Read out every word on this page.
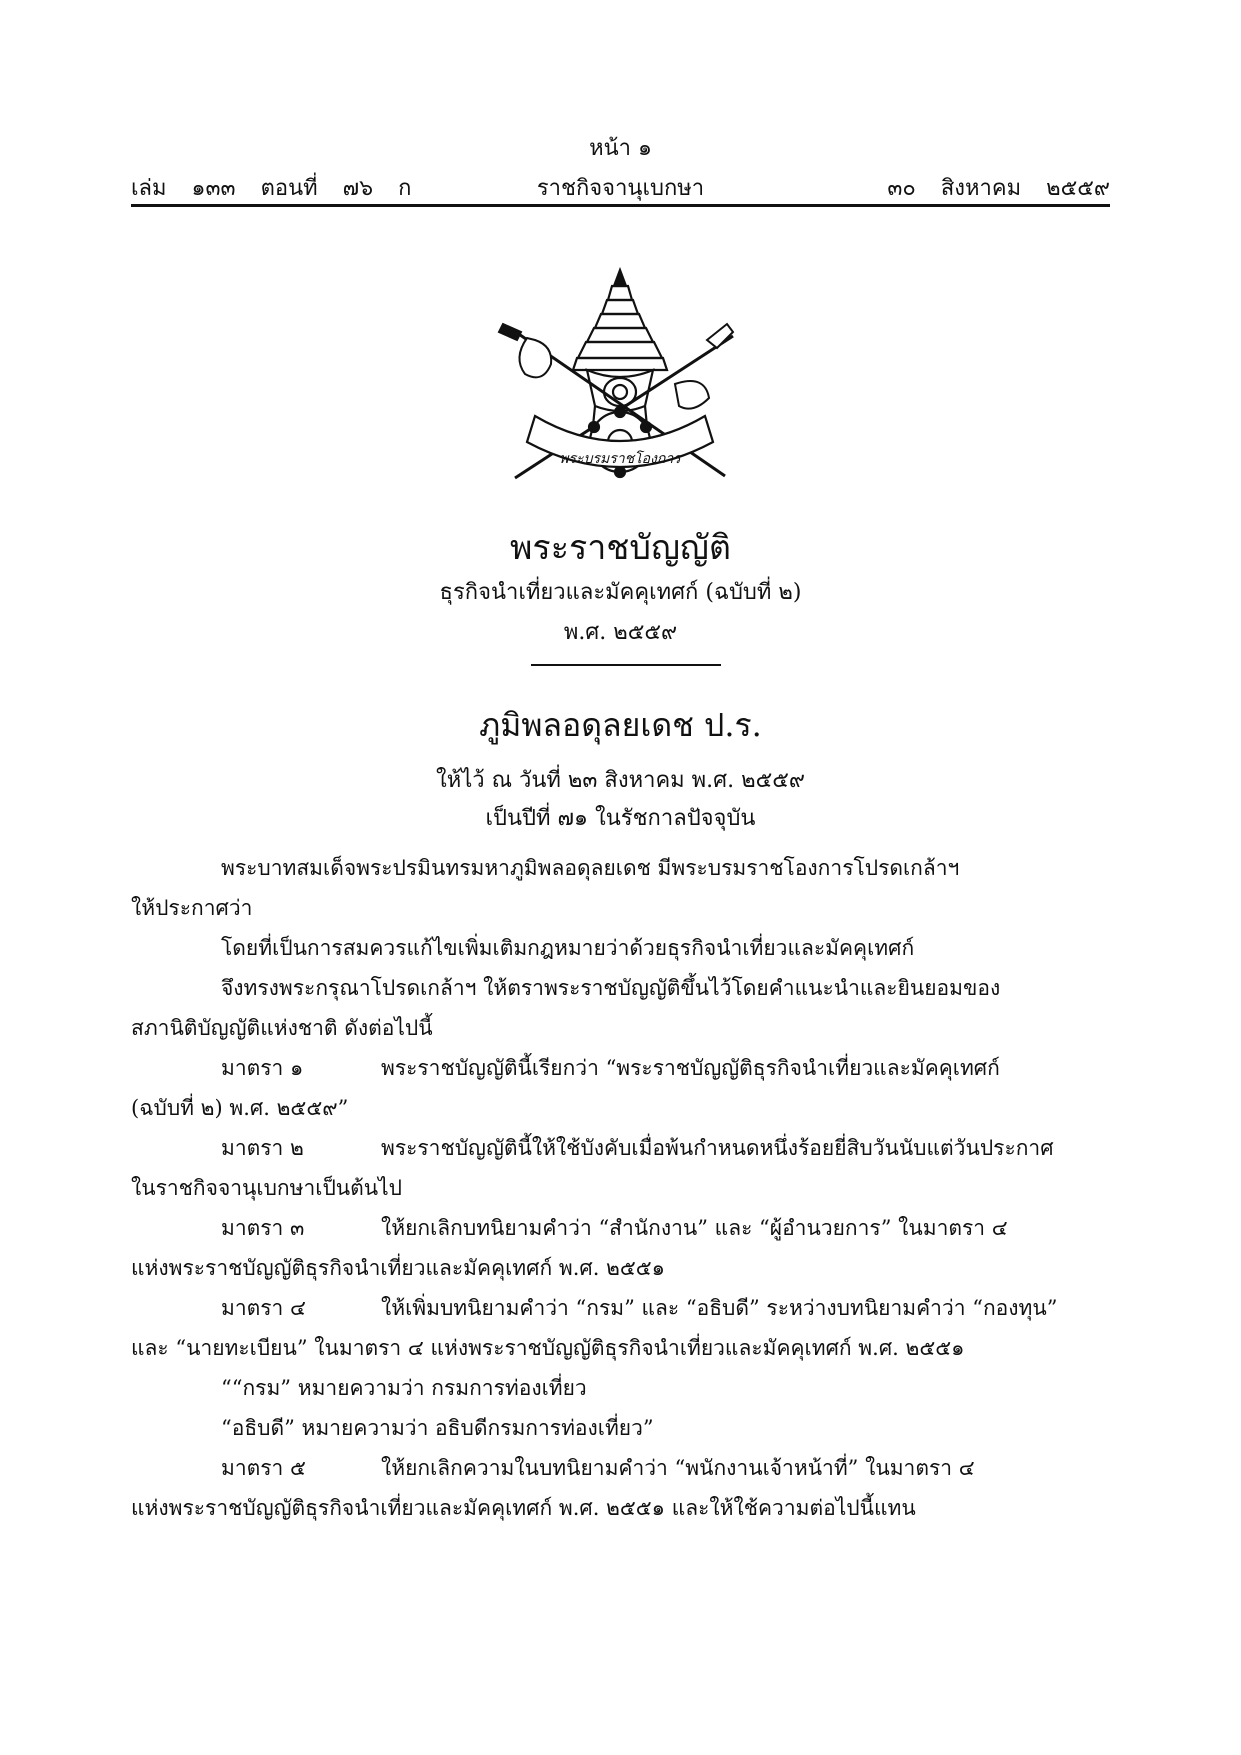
หน้า ๑
เล่ม ๑๓๓ ตอนที่ ๗๖ ก	ราชกิจจานุเบกษา	๓๐ สิงหาคม ๒๕๕๙
พระบรมราชโองการ
พระราชบัญญัติ
ธุรกิจนำเที่ยวและมัคคุเทศก์ (ฉบับที่ ๒)
พ.ศ. ๒๕๕๙
ภูมิพลอดุลยเดช ป.ร.
ให้ไว้ ณ วันที่ ๒๓ สิงหาคม พ.ศ. ๒๕๕๙
เป็นปีที่ ๗๑ ในรัชกาลปัจจุบัน
พระบาทสมเด็จพระปรมินทรมหาภูมิพลอดุลยเดช มีพระบรมราชโองการโปรดเกล้าฯ
ให้ประกาศว่า
โดยที่เป็นการสมควรแก้ไขเพิ่มเติมกฎหมายว่าด้วยธุรกิจนำเที่ยวและมัคคุเทศก์
จึงทรงพระกรุณาโปรดเกล้าฯ ให้ตราพระราชบัญญัติขึ้นไว้โดยคำแนะนำและยินยอมของ
สภานิติบัญญัติแห่งชาติ ดังต่อไปนี้
มาตรา ๑	พระราชบัญญัตินี้เรียกว่า “พระราชบัญญัติธุรกิจนำเที่ยวและมัคคุเทศก์
(ฉบับที่ ๒) พ.ศ. ๒๕๕๙”
มาตรา ๒	พระราชบัญญัตินี้ให้ใช้บังคับเมื่อพ้นกำหนดหนึ่งร้อยยี่สิบวันนับแต่วันประกาศ
ในราชกิจจานุเบกษาเป็นต้นไป
มาตรา ๓	ให้ยกเลิกบทนิยามคำว่า “สำนักงาน” และ “ผู้อำนวยการ” ในมาตรา ๔
แห่งพระราชบัญญัติธุรกิจนำเที่ยวและมัคคุเทศก์ พ.ศ. ๒๕๕๑
มาตรา ๔	ให้เพิ่มบทนิยามคำว่า “กรม” และ “อธิบดี” ระหว่างบทนิยามคำว่า “กองทุน”
และ “นายทะเบียน” ในมาตรา ๔ แห่งพระราชบัญญัติธุรกิจนำเที่ยวและมัคคุเทศก์ พ.ศ. ๒๕๕๑
““กรม” หมายความว่า กรมการท่องเที่ยว
“อธิบดี” หมายความว่า อธิบดีกรมการท่องเที่ยว”
มาตรา ๕	ให้ยกเลิกความในบทนิยามคำว่า “พนักงานเจ้าหน้าที่” ในมาตรา ๔
แห่งพระราชบัญญัติธุรกิจนำเที่ยวและมัคคุเทศก์ พ.ศ. ๒๕๕๑ และให้ใช้ความต่อไปนี้แทน
